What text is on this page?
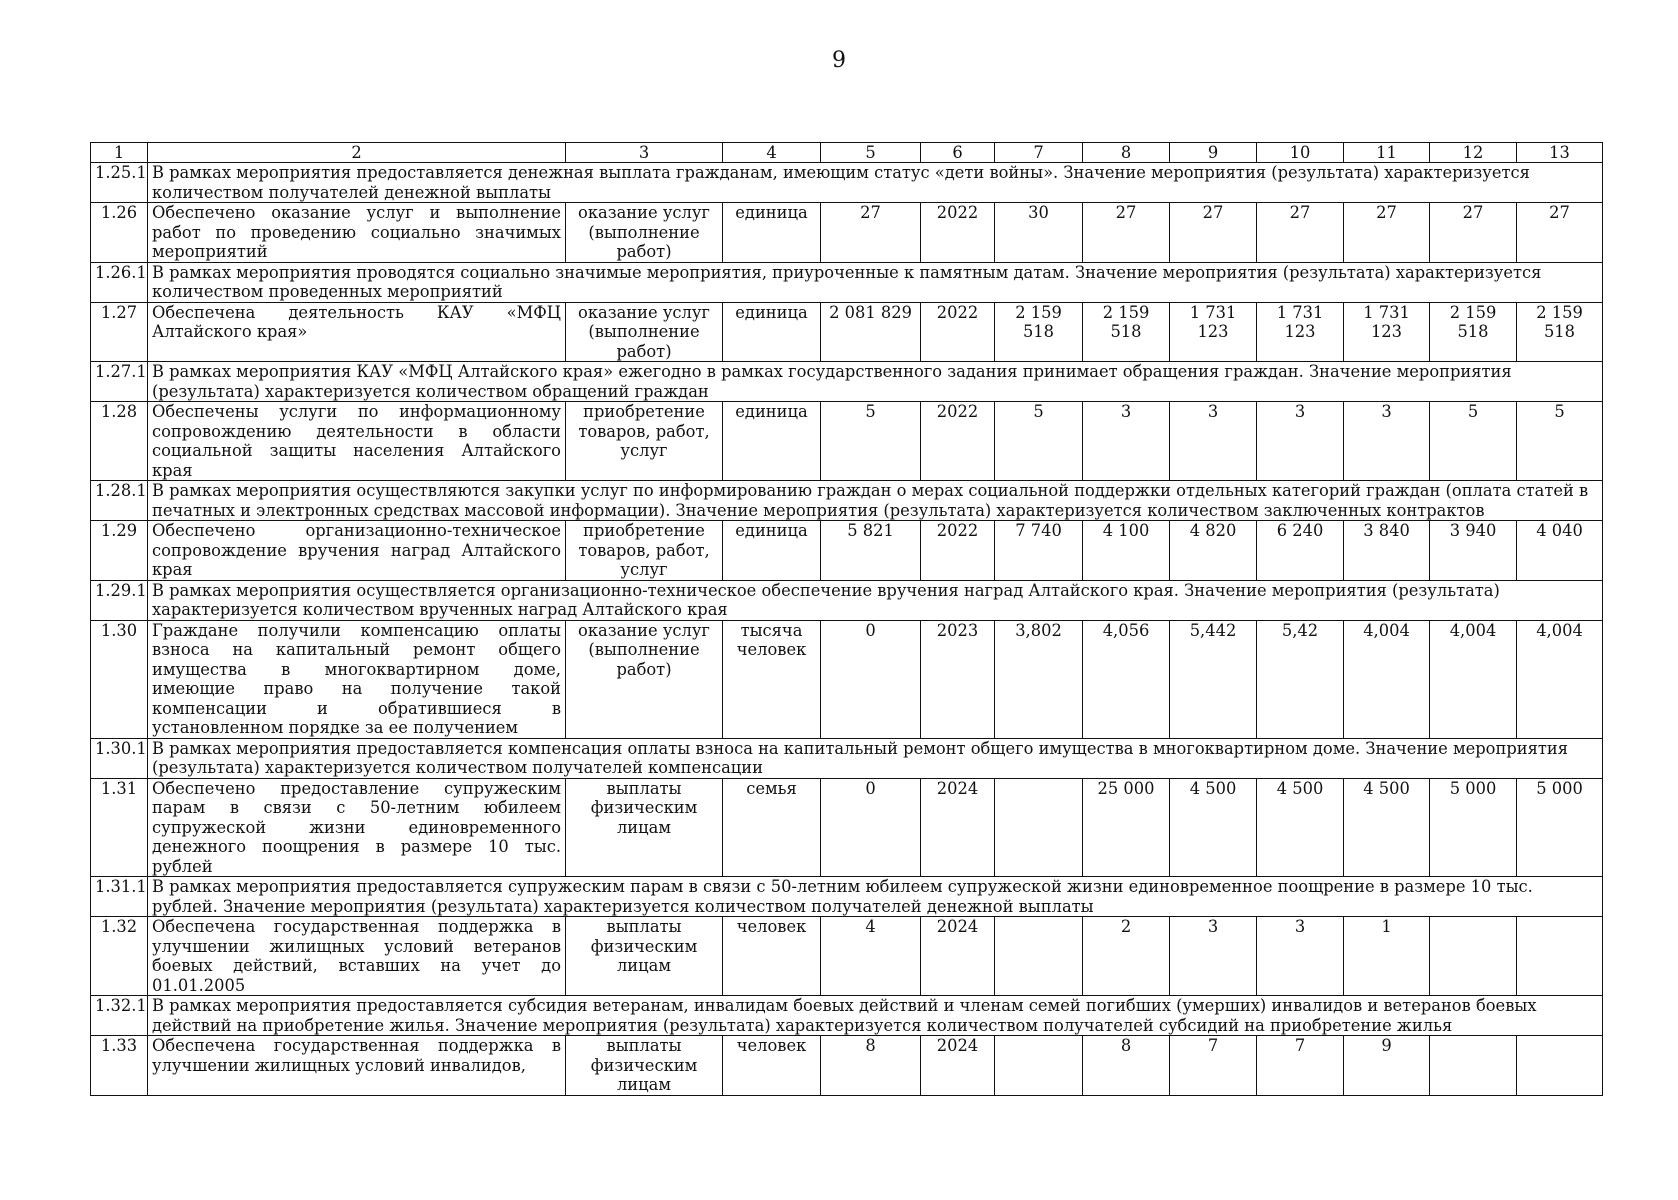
9
1	2	3	4	5	6	7	8	9	10	11	12	13
1.25.1	В рамках мероприятия предоставляется денежная выплата гражданам, имеющим статус «дети войны». Значение мероприятия (результата) характеризуется количеством получателей денежной выплаты											
1.26	Обеспечено оказание услуг и выполнение работ по проведению социально значимых мероприятий	оказание услуг (выполнение работ)	единица	27	2022	30	27	27	27	27	27	27
1.26.1	В рамках мероприятия проводятся социально значимые мероприятия, приуроченные к памятным датам. Значение мероприятия (результата) характеризуется количеством проведенных мероприятий											
1.27	Обеспечена деятельность КАУ «МФЦ Алтайского края»	оказание услуг (выполнение работ)	единица	2 081 829	2022	2 159 518	2 159 518	1 731 123	1 731 123	1 731 123	2 159 518	2 159 518
1.27.1	В рамках мероприятия КАУ «МФЦ Алтайского края» ежегодно в рамках государственного задания принимает обращения граждан. Значение мероприятия (результата) характеризуется количеством обращений граждан											
1.28	Обеспечены услуги по информационному сопровождению деятельности в области социальной защиты населения Алтайского края	приобретение товаров, работ, услуг	единица	5	2022	5	3	3	3	3	5	5
1.28.1	В рамках мероприятия осуществляются закупки услуг по информированию граждан о мерах социальной поддержки отдельных категорий граждан (оплата статей в печатных и электронных средствах массовой информации). Значение мероприятия (результата) характеризуется количеством заключенных контрактов											
1.29	Обеспечено организационно-техническое сопровождение вручения наград Алтайского края	приобретение товаров, работ, услуг	единица	5 821	2022	7 740	4 100	4 820	6 240	3 840	3 940	4 040
1.29.1	В рамках мероприятия осуществляется организационно-техническое обеспечение вручения наград Алтайского края. Значение мероприятия (результата) характеризуется количеством врученных наград Алтайского края											
1.30	Граждане получили компенсацию оплаты взноса на капитальный ремонт общего имущества в многоквартирном доме, имеющие право на получение такой компенсации и обратившиеся в установленном порядке за ее получением	оказание услуг (выполнение работ)	тысяча человек	0	2023	3,802	4,056	5,442	5,42	4,004	4,004	4,004
1.30.1	В рамках мероприятия предоставляется компенсация оплаты взноса на капитальный ремонт общего имущества в многоквартирном доме. Значение мероприятия (результата) характеризуется количеством получателей компенсации											
1.31	Обеспечено предоставление супружеским парам в связи с 50-летним юбилеем супружеской жизни единовременного денежного поощрения в размере 10 тыс. рублей	выплаты физическим лицам	семья	0	2024		25 000	4 500	4 500	4 500	5 000	5 000
1.31.1	В рамках мероприятия предоставляется супружеским парам в связи с 50-летним юбилеем супружеской жизни единовременное поощрение в размере 10 тыс. рублей. Значение мероприятия (результата) характеризуется количеством получателей денежной выплаты											
1.32	Обеспечена государственная поддержка в улучшении жилищных условий ветеранов боевых действий, вставших на учет до 01.01.2005	выплаты физическим лицам	человек	4	2024		2	3	3	1		
1.32.1	В рамках мероприятия предоставляется субсидия ветеранам, инвалидам боевых действий и членам семей погибших (умерших) инвалидов и ветеранов боевых действий на приобретение жилья. Значение мероприятия (результата) характеризуется количеством получателей субсидий на приобретение жилья											
1.33	Обеспечена государственная поддержка в улучшении жилищных условий инвалидов,	выплаты физическим лицам	человек	8	2024		8	7	7	9		
